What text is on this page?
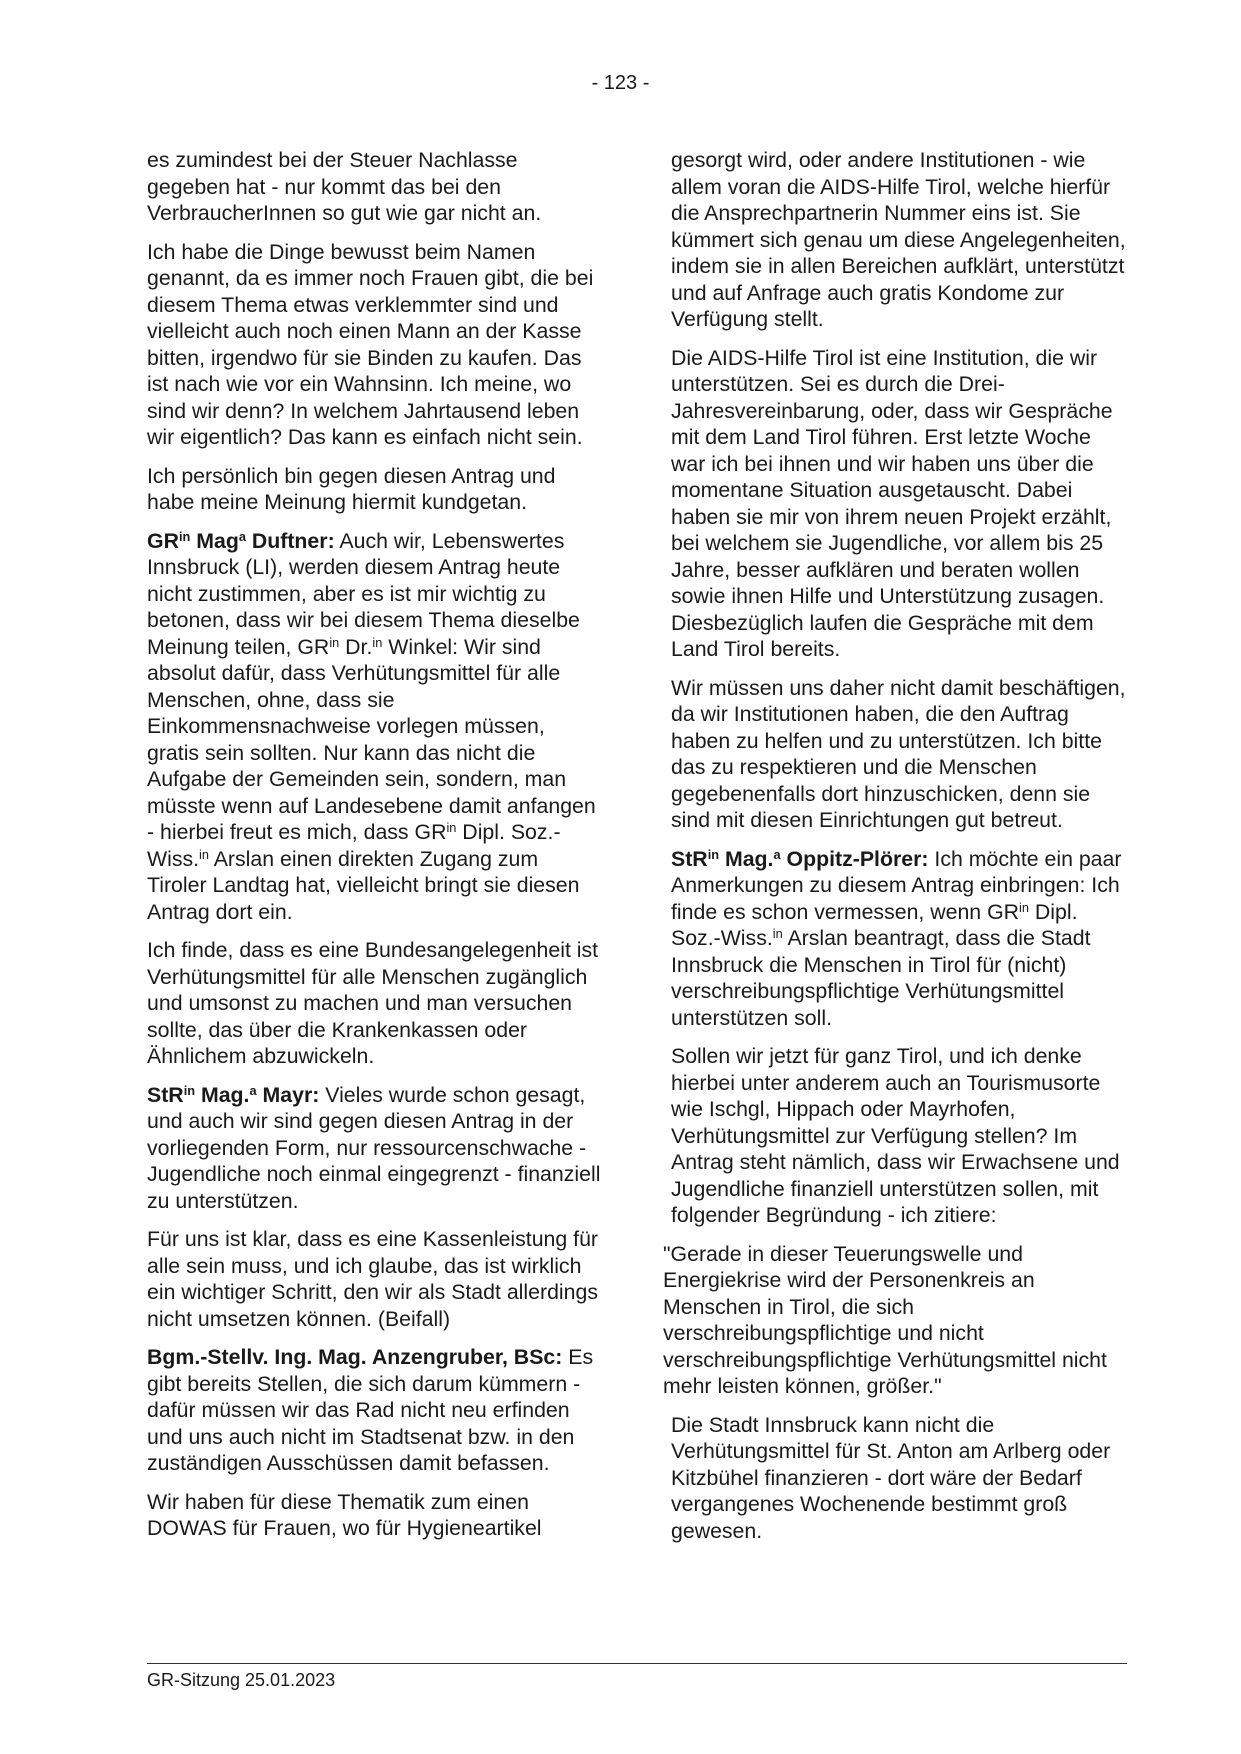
- 123 -

es zumindest bei der Steuer Nachlasse gegeben hat - nur kommt das bei den VerbraucherInnen so gut wie gar nicht an.

Ich habe die Dinge bewusst beim Namen genannt, da es immer noch Frauen gibt, die bei diesem Thema etwas verklemmter sind und vielleicht auch noch einen Mann an der Kasse bitten, irgendwo für sie Binden zu kaufen. Das ist nach wie vor ein Wahnsinn. Ich meine, wo sind wir denn? In welchem Jahrtausend leben wir eigentlich? Das kann es einfach nicht sein.

Ich persönlich bin gegen diesen Antrag und habe meine Meinung hiermit kundgetan.

$GR^{in}$ Mag$^a$ Duftner: Auch wir, Lebenswertes Innsbruck (LI), werden diesem Antrag heute nicht zustimmen, aber es ist mir wichtig zu betonen, dass wir bei diesem Thema dieselbe Meinung teilen, $GR^{in}$ Dr.$^{in}$ Winkel: Wir sind absolut dafür, dass Verhütungsmittel für alle Menschen, ohne, dass sie Einkommensnachweise vorlegen müssen, gratis sein sollten. Nur kann das nicht die Aufgabe der Gemeinden sein, sondern, man müsste wenn auf Landesebene damit anfangen - hierbei freut es mich, dass $GR^{in}$ Dipl. Soz.-Wiss.$^{in}$ Arslan einen direkten Zugang zum Tiroler Landtag hat, vielleicht bringt sie diesen Antrag dort ein.

Ich finde, dass es eine Bundesangelegenheit ist Verhütungsmittel für alle Menschen zugänglich und umsonst zu machen und man versuchen sollte, das über die Krankenkassen oder Ähnlichem abzuwickeln.

StR$^{in}$ Mag.$^a$ Mayr: Vieles wurde schon gesagt, und auch wir sind gegen diesen Antrag in der vorliegenden Form, nur ressourcenschwache - Jugendliche noch einmal eingegrenzt - finanziell zu unterstützen.

Für uns ist klar, dass es eine Kassenleistung für alle sein muss, und ich glaube, das ist wirklich ein wichtiger Schritt, den wir als Stadt allerdings nicht umsetzen können. (Beifall)

Bgm.-Stellv. Ing. Mag. Anzengruber, BSc: Es gibt bereits Stellen, die sich darum kümmern - dafür müssen wir das Rad nicht neu erfinden und uns auch nicht im Stadtsenat bzw. in den zuständigen Ausschüssen damit befassen.

Wir haben für diese Thematik zum einen DOWAS für Frauen, wo für Hygieneartikel

gesorgt wird, oder andere Institutionen - wie allem voran die AIDS-Hilfe Tirol, welche hierfür die Ansprechpartnerin Nummer eins ist. Sie kümmert sich genau um diese Angelegenheiten, indem sie in allen Bereichen aufklärt, unterstützt und auf Anfrage auch gratis Kondome zur Verfügung stellt.

Die AIDS-Hilfe Tirol ist eine Institution, die wir unterstützen. Sei es durch die Drei-Jahresvereinbarung, oder, dass wir Gespräche mit dem Land Tirol führen. Erst letzte Woche war ich bei ihnen und wir haben uns über die momentane Situation ausgetauscht. Dabei haben sie mir von ihrem neuen Projekt erzählt, bei welchem sie Jugendliche, vor allem bis 25 Jahre, besser aufklären und beraten wollen sowie ihnen Hilfe und Unterstützung zusagen. Diesbezüglich laufen die Gespräche mit dem Land Tirol bereits.

Wir müssen uns daher nicht damit beschäftigen, da wir Institutionen haben, die den Auftrag haben zu helfen und zu unterstützen. Ich bitte das zu respektieren und die Menschen gegebenenfalls dort hinzuschicken, denn sie sind mit diesen Einrichtungen gut betreut.

StR$^{in}$ Mag.$^a$ Oppitz-Plörer: Ich möchte ein paar Anmerkungen zu diesem Antrag einbringen: Ich finde es schon vermessen, wenn $GR^{in}$ Dipl. Soz.-Wiss.$^{in}$ Arslan beantragt, dass die Stadt Innsbruck die Menschen in Tirol für (nicht) verschreibungspflichtige Verhütungsmittel unterstützen soll.

Sollen wir jetzt für ganz Tirol, und ich denke hierbei unter anderem auch an Tourismusorte wie Ischgl, Hippach oder Mayrhofen, Verhütungsmittel zur Verfügung stellen? Im Antrag steht nämlich, dass wir Erwachsene und Jugendliche finanziell unterstützen sollen, mit folgender Begründung - ich zitiere:

"Gerade in dieser Teuerungswelle und Energiekrise wird der Personenkreis an Menschen in Tirol, die sich verschreibungspflichtige und nicht verschreibungspflichtige Verhütungsmittel nicht mehr leisten können, größer."

Die Stadt Innsbruck kann nicht die Verhütungsmittel für St. Anton am Arlberg oder Kitzbühel finanzieren - dort wäre der Bedarf vergangenes Wochenende bestimmt groß gewesen.

GR-Sitzung 25.01.2023
